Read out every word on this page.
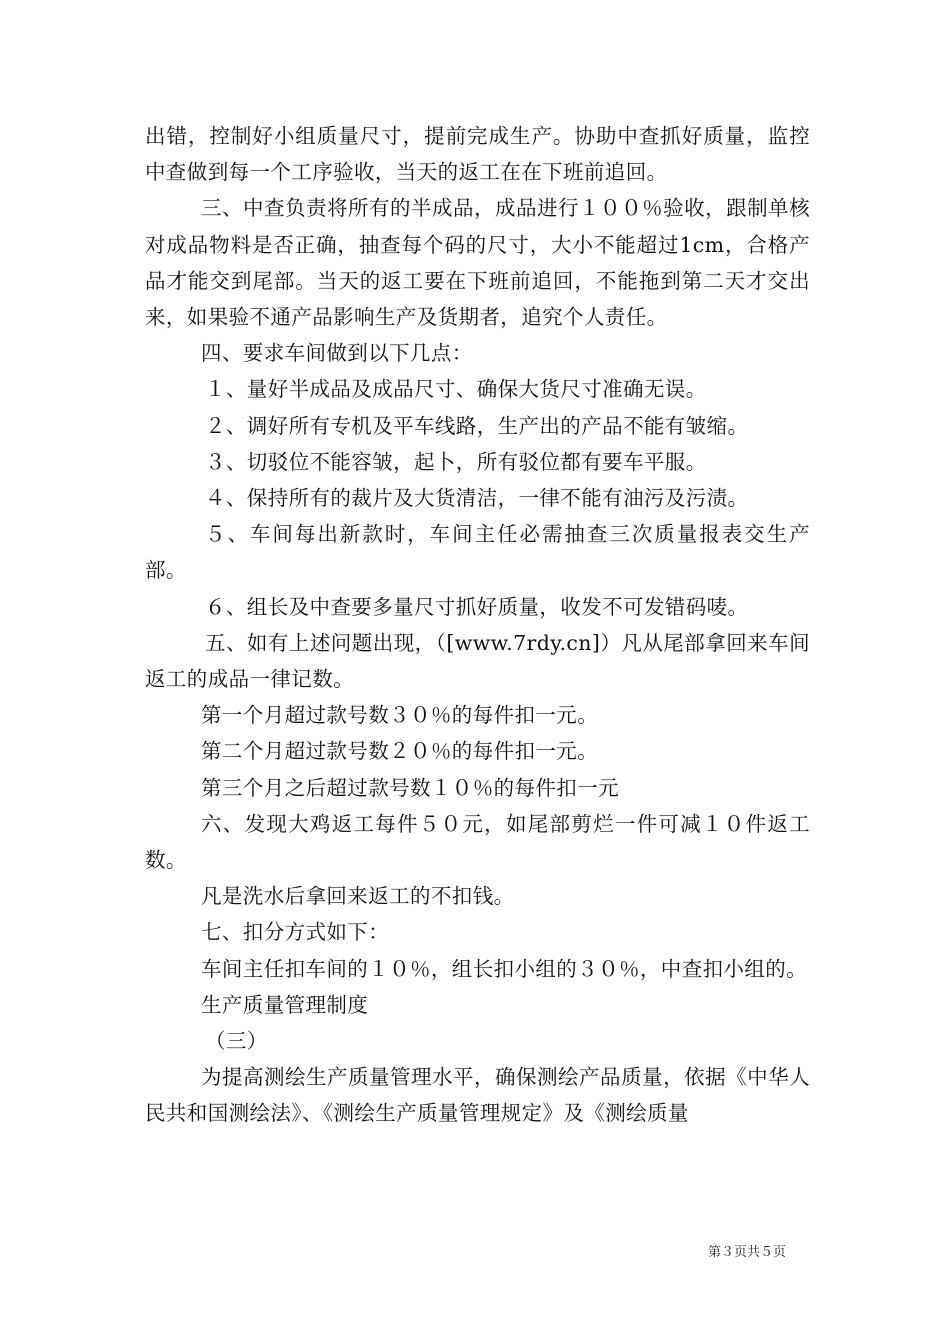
出错，控制好小组质量尺寸，提前完成生产。协助中查抓好质量，监控中查做到每一个工序验收，当天的返工在在下班前追回。

三、中查负责将所有的半成品，成品进行１００％验收，跟制单核对成品物料是否正确，抽查每个码的尺寸，大小不能超过1cm，合格产品才能交到尾部。当天的返工要在下班前追回，不能拖到第二天才交出来，如果验不通产品影响生产及货期者，追究个人责任。

四、要求车间做到以下几点：

１、量好半成品及成品尺寸、确保大货尺寸准确无误。

２、调好所有专机及平车线路，生产出的产品不能有皱缩。

３、切驳位不能容皱，起卜，所有驳位都有要车平服。

４、保持所有的裁片及大货清洁，一律不能有油污及污渍。

５、车间每出新款时，车间主任必需抽查三次质量报表交生产部。

６、组长及中查要多量尺寸抓好质量，收发不可发错码唛。

五、如有上述问题出现，（[www.7rdy.cn]）凡从尾部拿回来车间返工的成品一律记数。

第一个月超过款号数３０％的每件扣一元。

第二个月超过款号数２０％的每件扣一元。

第三个月之后超过款号数１０％的每件扣一元

六、发现大鸡返工每件５０元，如尾部剪烂一件可减１０件返工数。

凡是洗水后拿回来返工的不扣钱。

七、扣分方式如下：

车间主任扣车间的１０％，组长扣小组的３０％，中查扣小组的。

生产质量管理制度

（三）

为提高测绘生产质量管理水平，确保测绘产品质量，依据《中华人民共和国测绘法》、《测绘生产质量管理规定》及《测绘质量

第３页共５页
